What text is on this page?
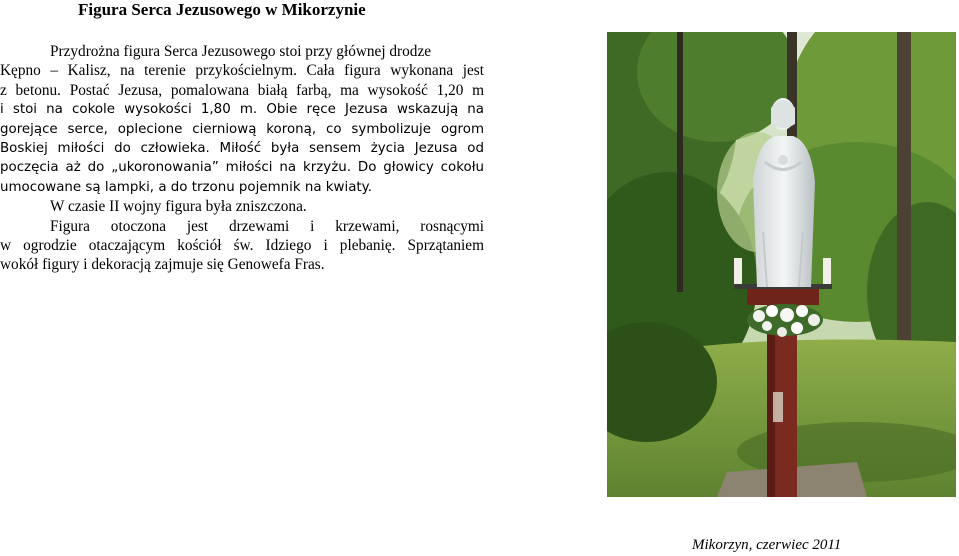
Figura Serca Jezusowego w Mikorzynie
Przydrożna figura Serca Jezusowego stoi przy głównej drodze
Kępno – Kalisz, na terenie przykościelnym. Cała figura wykonana jest
z betonu. Postać Jezusa, pomalowana białą farbą, ma wysokość 1,20 m
i stoi na cokole wysokości 1,80 m. Obie ręce Jezusa wskazują na
gorejące serce, oplecione cierniową koroną, co symbolizuje ogrom
Boskiej miłości do człowieka. Miłość była sensem życia Jezusa od
poczęcia aż do „ukoronowania” miłości na krzyżu. Do głowicy cokołu
umocowane są lampki, a do trzonu pojemnik na kwiaty.
W czasie II wojny figura była zniszczona.
Figura otoczona jest drzewami i krzewami, rosnącymi
w ogrodzie otaczającym kościół św. Idziego i plebanię. Sprzątaniem
wokół figury i dekoracją zajmuje się Genowefa Fras.
Mikorzyn, czerwiec 2011
